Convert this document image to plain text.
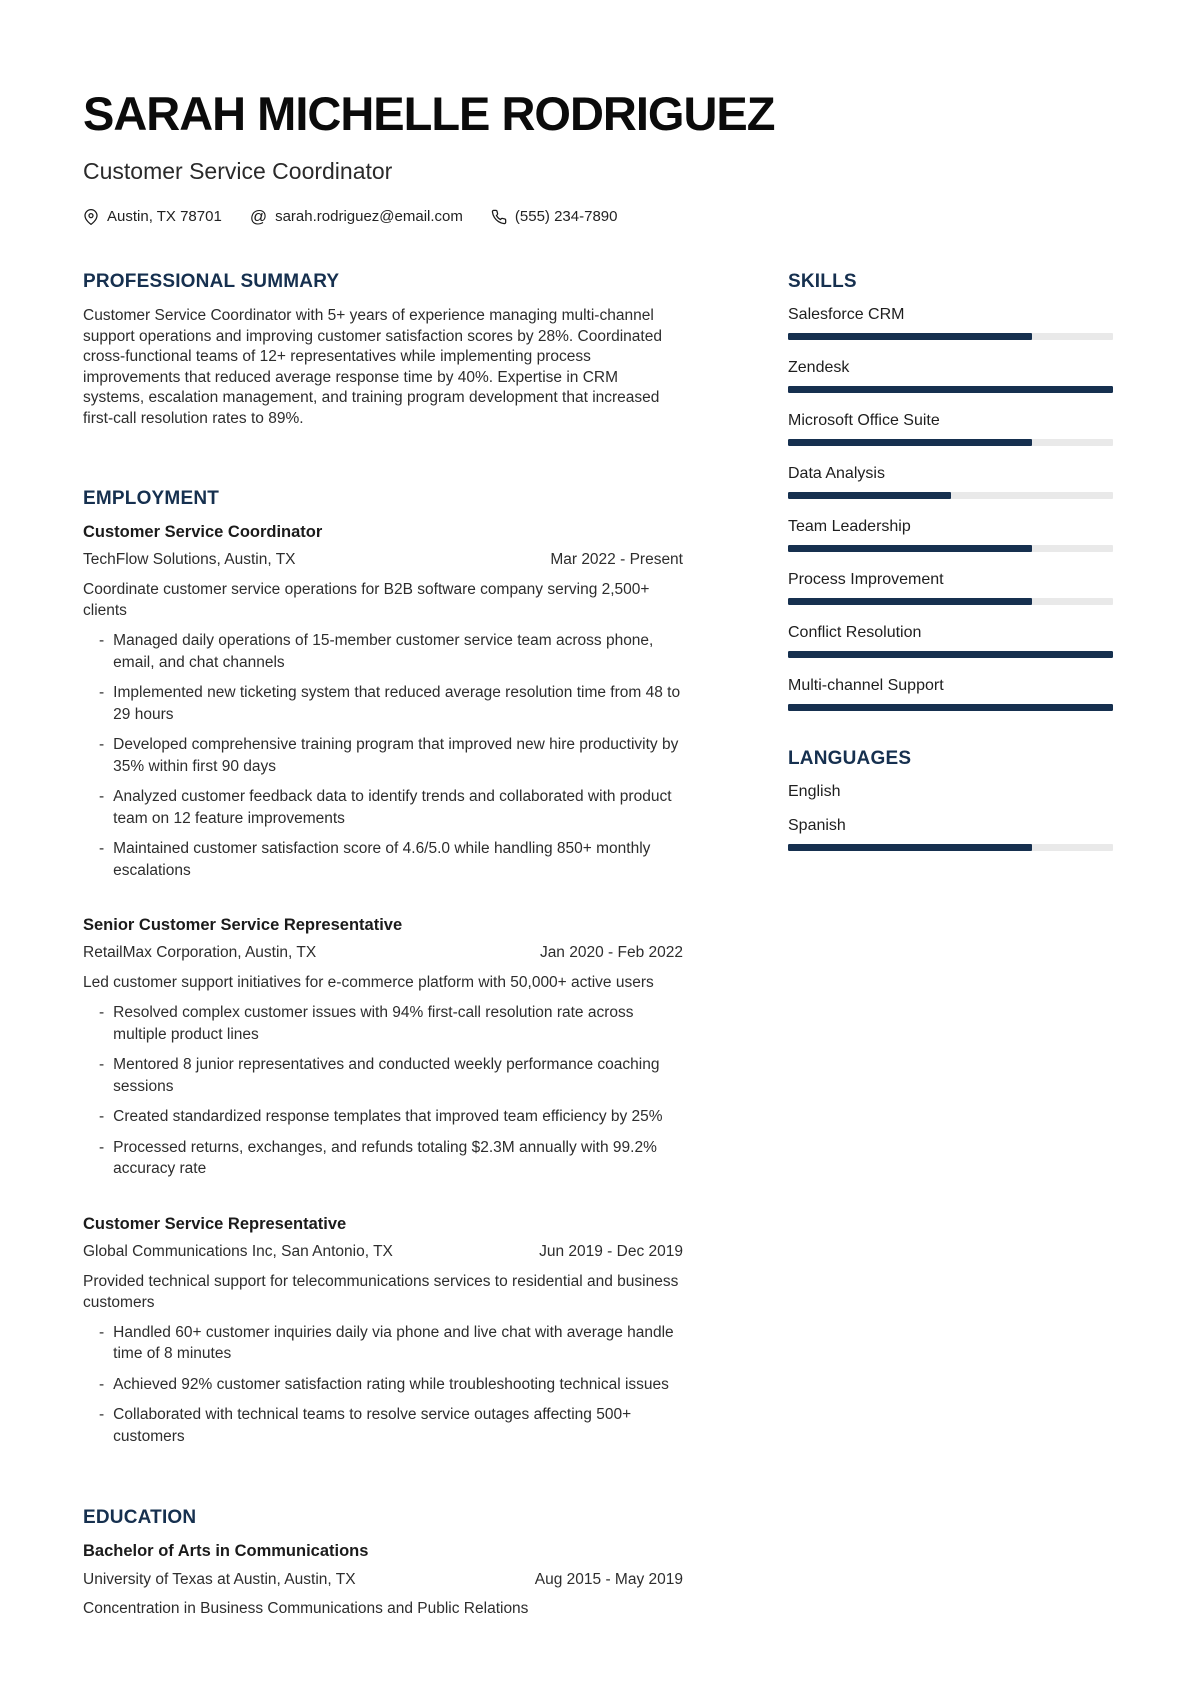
SARAH MICHELLE RODRIGUEZ
Customer Service Coordinator
Austin, TX 78701 @ sarah.rodriguez@email.com	(555) 234-7890
PROFESSIONAL SUMMARY

Customer Service Coordinator with 5+ years of experience managing multi-channel support operations and improving customer satisfaction scores by 28%. Coordinated cross-functional teams of 12+ representatives while implementing process improvements that reduced average response time by 40%. Expertise in CRM systems, escalation management, and training program development that increased first-call resolution rates to 89%.

EMPLOYMENT
Customer Service Coordinator
TechFlow Solutions, Austin, TX	Mar 2022 - Present

Coordinate customer service operations for B2B software company serving 2,500+ clients

- Managed daily operations of 15-member customer service team across phone, email, and chat channels
- Implemented new ticketing system that reduced average resolution time from 48 to 29 hours
- Developed comprehensive training program that improved new hire productivity by 35% within first 90 days
- Analyzed customer feedback data to identify trends and collaborated with product team on 12 feature improvements
- Maintained customer satisfaction score of 4.6/5.0 while handling 850+ monthly escalations
Senior Customer Service Representative
RetailMax Corporation, Austin, TX	Jan 2020 - Feb 2022

Led customer support initiatives for e-commerce platform with 50,000+ active users

- Resolved complex customer issues with 94% first-call resolution rate across multiple product lines
- Mentored 8 junior representatives and conducted weekly performance coaching sessions
- Created standardized response templates that improved team efficiency by 25%
- Processed returns, exchanges, and refunds totaling $2.3M annually with 99.2% accuracy rate
Customer Service Representative
Global Communications Inc, San Antonio, TX	Jun 2019 - Dec 2019

Provided technical support for telecommunications services to residential and business customers

- Handled 60+ customer inquiries daily via phone and live chat with average handle time of 8 minutes
- Achieved 92% customer satisfaction rating while troubleshooting technical issues
- Collaborated with technical teams to resolve service outages affecting 500+ customers
EDUCATION
Bachelor of Arts in Communications
University of Texas at Austin, Austin, TX	Aug 2015 - May 2019

Concentration in Business Communications and Public Relations

SKILLS
Salesforce CRM
Zendesk
Microsoft Office Suite
Data Analysis
Team Leadership
Process Improvement
Conflict Resolution
Multi-channel Support
LANGUAGES
English
Spanish
